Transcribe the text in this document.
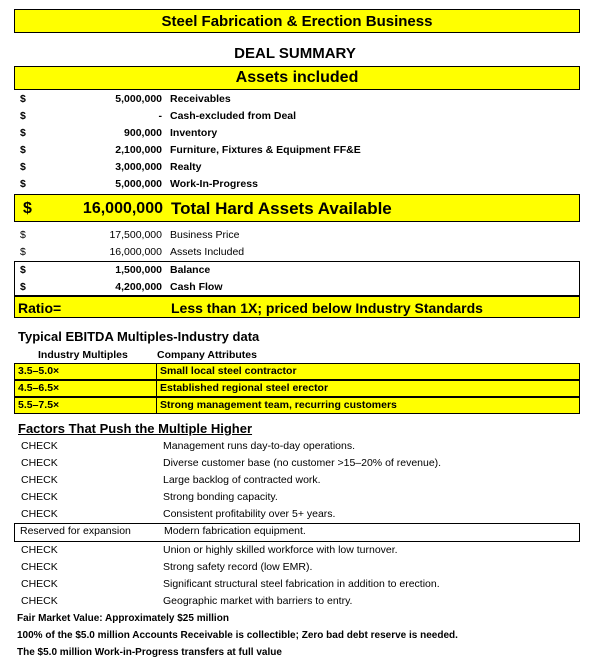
Steel Fabrication & Erection Business
DEAL SUMMARY
Assets included
$	5,000,000 Receivables
$	- Cash-excluded from Deal
$	900,000 Inventory
$	2,100,000 Furniture, Fixtures & Equipment FF&E
$	3,000,000 Realty
$	5,000,000 Work-In-Progress
$	16,000,000 Total Hard Assets Available
$	17,500,000 Business Price
$	16,000,000 Assets Included
$	1,500,000 Balance
$	4,200,000 Cash Flow
Ratio=	Less than 1X; priced below Industry Standards
Typical EBITDA Multiples-Industry data
Industry Multiples	Company Attributes
3.5–5.0×	Small local steel contractor
4.5–6.5×	Established regional steel erector
5.5–7.5×	Strong management team, recurring customers
Factors That Push the Multiple Higher
CHECK	Management runs day-to-day operations.
CHECK	Diverse customer base (no customer >15–20% of revenue).
CHECK	Large backlog of contracted work.
CHECK	Strong bonding capacity.
CHECK	Consistent profitability over 5+ years.
Reserved for expansion	Modern fabrication equipment.
CHECK	Union or highly skilled workforce with low turnover.
CHECK	Strong safety record (low EMR).
CHECK	Significant structural steel fabrication in addition to erection.
CHECK	Geographic market with barriers to entry.
Fair Market Value: Approximately $25 million
100% of the $5.0 million Accounts Receivable is collectible; Zero bad debt reserve is needed.
The $5.0 million Work-in-Progress transfers at full value
